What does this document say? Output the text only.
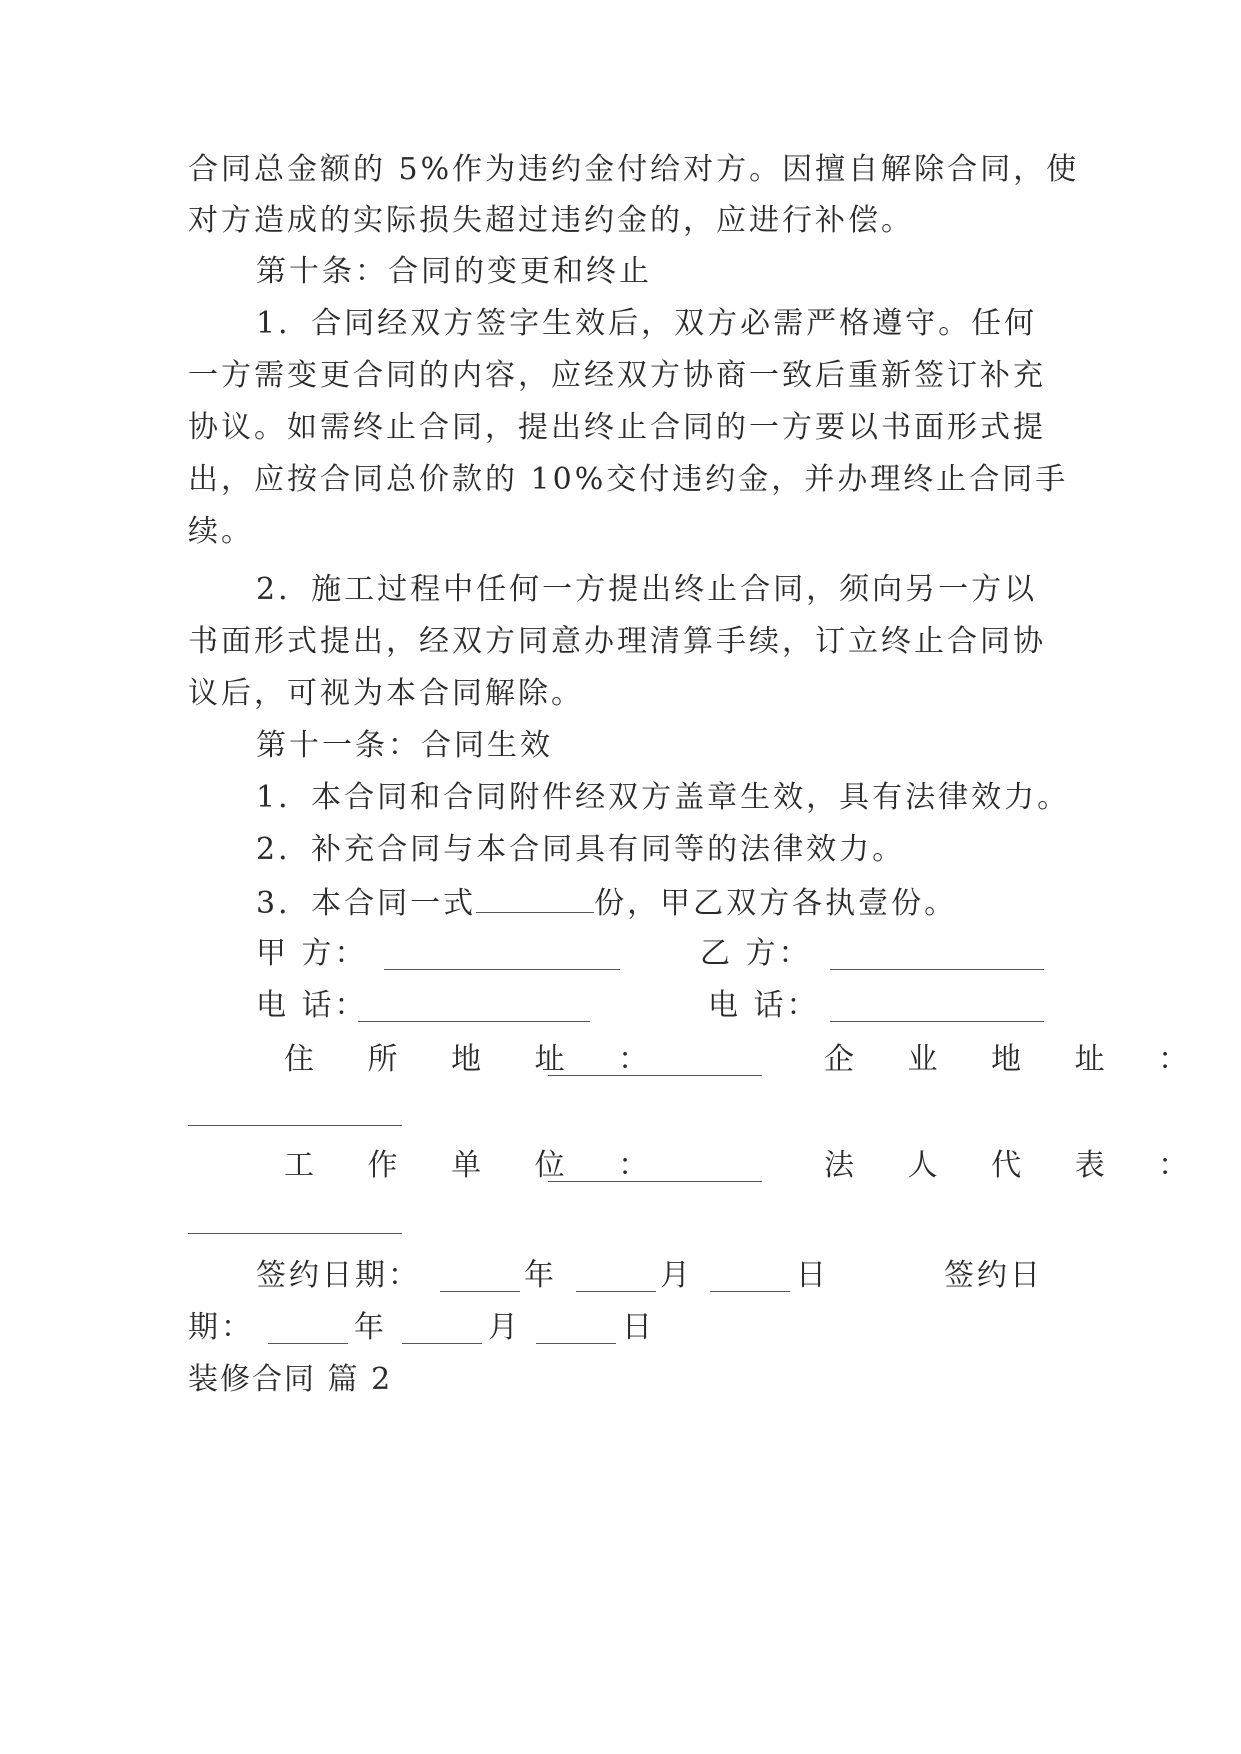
合同总金额的 5%作为违约金付给对方。因擅自解除合同，使
对方造成的实际损失超过违约金的，应进行补偿。
第十条：合同的变更和终止
1．合同经双方签字生效后，双方必需严格遵守。任何
一方需变更合同的内容，应经双方协商一致后重新签订补充
协议。如需终止合同，提出终止合同的一方要以书面形式提
出，应按合同总价款的 10%交付违约金，并办理终止合同手
续。
2．施工过程中任何一方提出终止合同，须向另一方以
书面形式提出，经双方同意办理清算手续，订立终止合同协
议后，可视为本合同解除。
第十一条：合同生效
1．本合同和合同附件经双方盖章生效，具有法律效力。
2．补充合同与本合同具有同等的法律效力。
3．本合同一式	份，甲乙双方各执壹份。
甲 方：	乙 方：
电 话：	电 话：
住 所 地 址 ：	企 业 地 址 ：
工 作 单 位 ：	法 人 代 表 ：
签约日期：	年	月	日	签约日
期：	年	月	日
装修合同 篇 2
